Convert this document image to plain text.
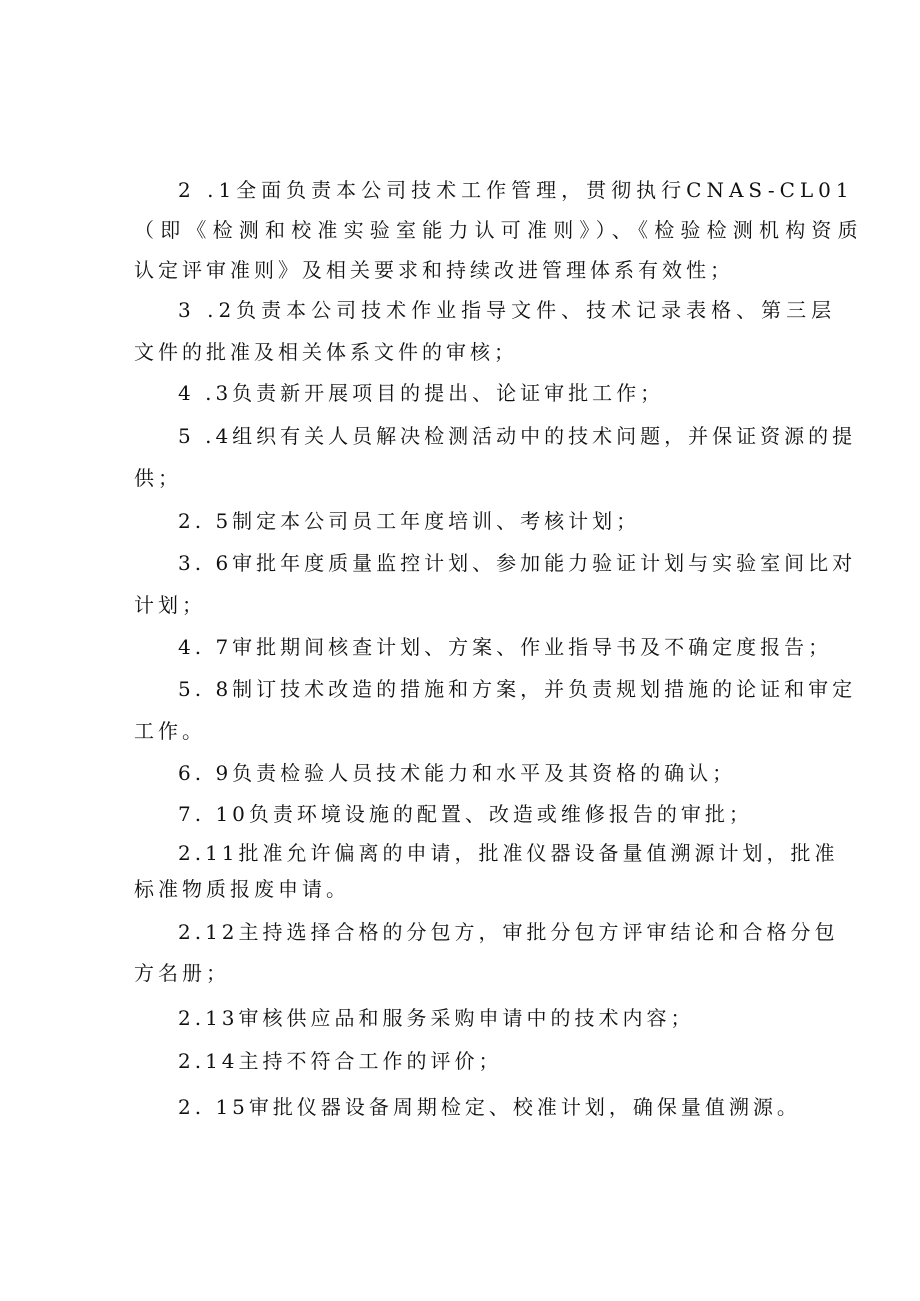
2 .1全面负责本公司技术工作管理，贯彻执行CNAS-CL01

（即《检测和校准实验室能力认可准则》）、《检验检测机构资质

认定评审准则》及相关要求和持续改进管理体系有效性；

3 .2负责本公司技术作业指导文件、技术记录表格、第三层

文件的批准及相关体系文件的审核；

4 .3负责新开展项目的提出、论证审批工作；

5 .4组织有关人员解决检测活动中的技术问题，并保证资源的提

供；

2. 5制定本公司员工年度培训、考核计划；

3. 6审批年度质量监控计划、参加能力验证计划与实验室间比对

计划；

4. 7审批期间核查计划、方案、作业指导书及不确定度报告；

5. 8制订技术改造的措施和方案，并负责规划措施的论证和审定

工作。

6. 9负责检验人员技术能力和水平及其资格的确认；

7. 10负责环境设施的配置、改造或维修报告的审批；

2.11批准允许偏离的申请，批准仪器设备量值溯源计划，批准

标准物质报废申请。

2.12主持选择合格的分包方，审批分包方评审结论和合格分包

方名册；

2.13审核供应品和服务采购申请中的技术内容；

2.14主持不符合工作的评价；

2. 15审批仪器设备周期检定、校准计划，确保量值溯源。
